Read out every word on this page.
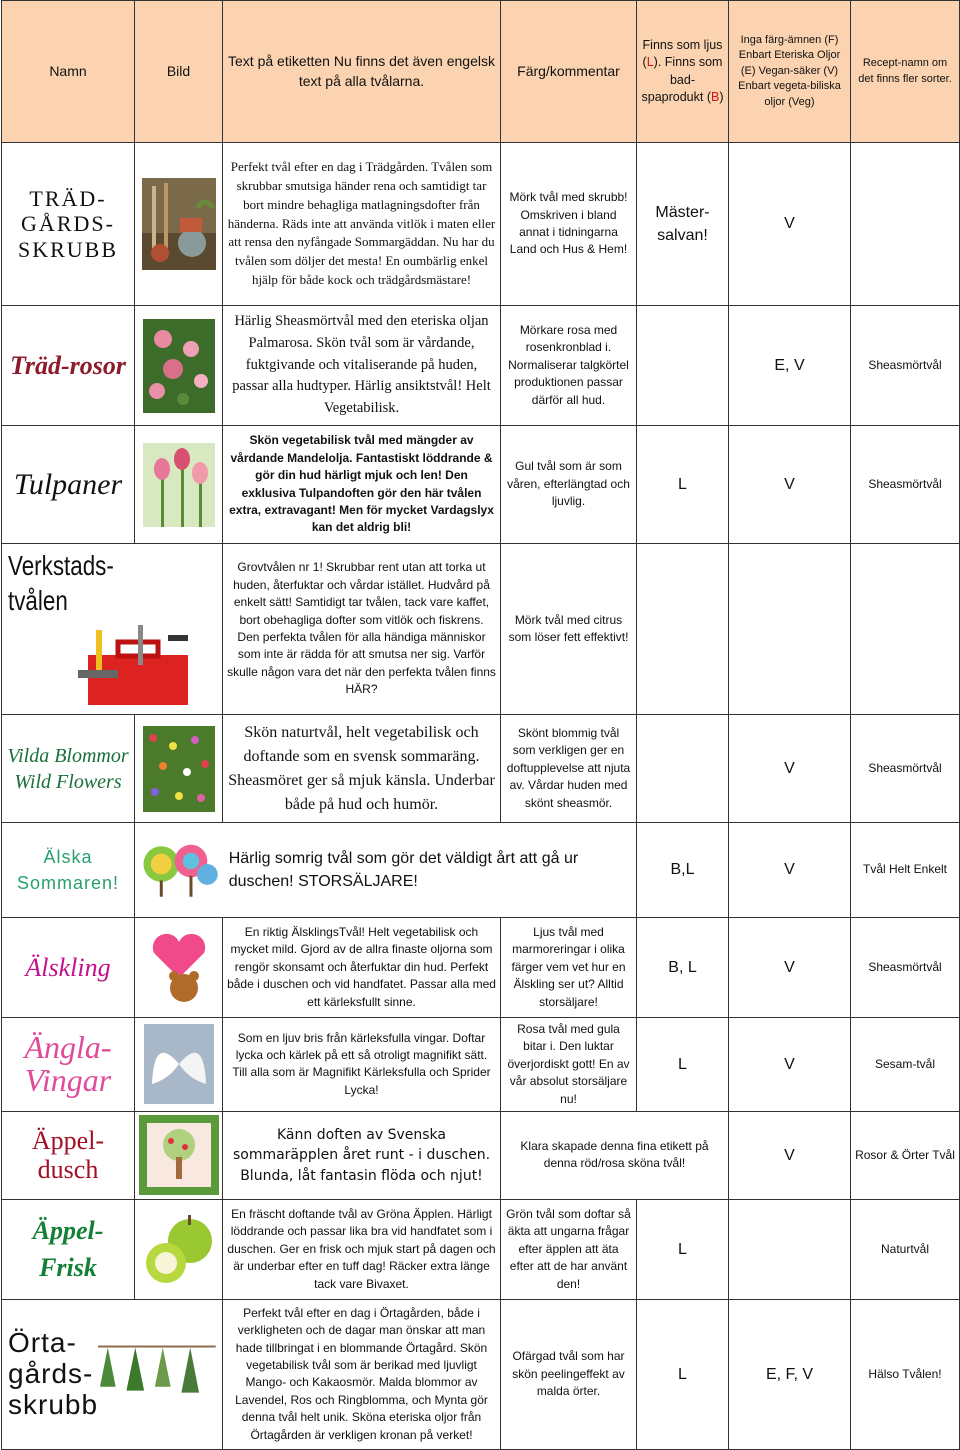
Namn	Bild	Text på etiketten Nu finns det även engelsk text på alla tvålarna.	Färg/kommentar	Finns som ljus (L). Finns som bad-spaprodukt (B)	Inga färg-ämnen (F) Enbart Eteriska Oljor (E) Vegan-säker (V) Enbart vegeta-biliska oljor (Veg)	Recept-namn om det finns fler sorter.
TRÄD-GÅRDS-SKRUBB		Perfekt tvål efter en dag i Trädgården. Tvålen som skrubbar smutsiga händer rena och samtidigt tar bort mindre behagliga matlagningsdofter från händerna. Räds inte att använda vitlök i maten eller att rensa den nyfångade Sommargäddan. Nu har du tvålen som döljer det mesta! En oumbärlig enkel hjälp för både kock och trädgårdsmästare!	Mörk tvål med skrubb! Omskriven i bland annat i tidningarna Land och Hus & Hem!	Mäster-salvan!	V	
Träd-rosor		Härlig Sheasmörtvål med den eteriska oljan Palmarosa. Skön tvål som är vårdande, fuktgivande och vitaliserande på huden, passar alla hudtyper. Härlig ansiktstvål! Helt Vegetabilisk.	Mörkare rosa med rosenkronblad i. Normaliserar talgkörtel produktionen passar därför all hud.		E, V	Sheasmörtvål
Tulpaner		Skön vegetabilisk tvål med mängder av vårdande Mandelolja. Fantastiskt löddrande & gör din hud härligt mjuk och len! Den exklusiva Tulpandoften gör den här tvålen extra, extravagant! Men för mycket Vardagslyx kan det aldrig bli!	Gul tvål som är som våren, efterlängtad och ljuvlig.	L	V	Sheasmörtvål

Verkstads-tvålen		Grovtvålen nr 1! Skrubbar rent utan att torka ut huden, återfuktar och vårdar istället. Hudvård på enkelt sätt! Samtidigt tar tvålen, tack vare kaffet, bort obehagliga dofter som vitlök och fiskrens. Den perfekta tvålen för alla händiga människor som inte är rädda för att smutsa ner sig. Varför skulle någon vara det när den perfekta tvålen finns HÄR?	Mörk tvål med citrus som löser fett effektivt!			
Vilda Blommor Wild Flowers		Skön naturtvål, helt vegetabilisk och doftande som en svensk sommaräng. Sheasmöret ger så mjuk känsla. Underbar både på hud och humör.	Skönt blommig tvål som verkligen ger en doftupplevelse att njuta av. Vårdar huden med skönt sheasmör.		V	Sheasmörtvål
Älska Sommaren!	Härlig somrig tvål som gör det väldigt årt att gå ur duschen! STORSÄLJARE!			B,L	V	Tvål Helt Enkelt
Älskling		En riktig ÄlsklingsTvål! Helt vegetabilisk och mycket mild. Gjord av de allra finaste oljorna som rengör skonsamt och återfuktar din hud. Perfekt både i duschen och vid handfatet. Passar alla med ett kärleksfullt sinne.	Ljus tvål med marmoreringar i olika färger vem vet hur en Älskling ser ut? Alltid storsäljare!	B, L	V	Sheasmörtvål
Ängla-Vingar		Som en ljuv bris från kärleksfulla vingar. Doftar lycka och kärlek på ett så otroligt magnifikt sätt. Till alla som är Magnifikt Kärleksfulla och Sprider Lycka!	Rosa tvål med gula bitar i. Den luktar överjordiskt gott! En av vår absolut storsäljare nu!	L	V	Sesam-tvål
Äppel-dusch		Känn doften av Svenska sommaräpplen året runt - i duschen. Blunda, låt fantasin flöda och njut!	Klara skapade denna fina etikett på denna röd/rosa sköna tvål!		V	Rosor & Örter Tvål
Äppel-Frisk		En fräscht doftande tvål av Gröna Äpplen. Härligt löddrande och passar lika bra vid handfatet som i duschen. Ger en frisk och mjuk start på dagen och är underbar efter en tuff dag! Räcker extra länge tack vare Bivaxet.	Grön tvål som doftar så äkta att ungarna frågar efter äpplen att äta efter att de har använt den!	L		Naturtvål

Örta-gårds-skrubb		Perfekt tvål efter en dag i Örtagården, både i verkligheten och de dagar man önskar att man hade tillbringat i en blommande Örtagård. Skön vegetabilisk tvål som är berikad med ljuvligt Mango- och Kakaosmör. Malda blommor av Lavendel, Ros och Ringblomma, och Mynta gör denna tvål helt unik. Sköna eteriska oljor från Örtagården är verkligen kronan på verket!	Ofärgad tvål som har skön peelingeffekt av malda örter.	L	E, F, V	Hälso Tvålen!
